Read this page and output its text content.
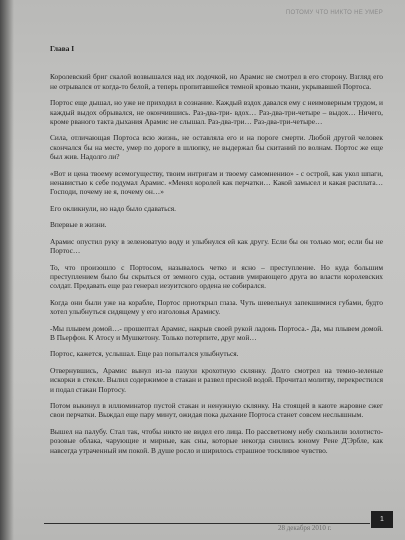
ПОТОМУ ЧТО НИКТО НЕ УМЕР
Глава I

Королевский бриг скалой возвышался над их лодочкой, но Арамис не смотрел в его сторону. Взгляд его не отрывался от когда-то белой, а теперь пропитавшейся темной кровью ткани, укрывавшей Портоса.

Портос еще дышал, но уже не приходил в сознание. Каждый вздох давался ему с неимоверным трудом, и каждый выдох обрывался, не окончившись. Раз-два-три- вдох… Раз-два-три-четыре – выдох… Ничего, кроме рваного такта дыхания Арамис не слышал. Раз-два-три… Раз-два-три-четыре…

Сила, отличающая Портоса всю жизнь, не оставляла его и на пороге смерти. Любой другой человек скончался бы на месте, умер по дороге в шлюпку, не выдержал бы скитаний по волнам. Портос же еще был жив. Надолго ли?

«Вот и цена твоему всемогуществу, твоим интригам и твоему самомнению» - с острой, как укол шпаги, ненавистью к себе подумал Арамис. «Менял королей как перчатки… Какой замысел и какая расплата… Господи, почему не я, почему он…»

Его окликнули, но надо было сдаваться.

Впервые в жизни.

Арамис опустил руку в зеленоватую воду и улыбнулся ей как другу. Если бы он только мог, если бы не Портос…

То, что произошло с Портосом, называлось четко и ясно – преступление. Но куда большим преступлением было бы скрыться от земного суда, оставив умирающего друга во власти королевских солдат. Предавать еще раз генерал иезуитского ордена не собирался.

Когда они были уже на корабле, Портос приоткрыл глаза. Чуть шевельнул запекшимися губами, будто хотел улыбнуться сидящему у его изголовья Арамису.

-Мы плывем домой…- прошептал Арамис, накрыв своей рукой ладонь Портоса.- Да, мы плывем домой. В Пьерфон. К Атосу и Мушкетону. Только потерпите, друг мой…

Портос, кажется, услышал. Еще раз попытался улыбнуться.

Отвернувшись, Арамис вынул из-за пазухи крохотную склянку. Долго смотрел на темно-зеленые искорки в стекле. Вылил содержимое в стакан и развел пресной водой. Прочитал молитву, перекрестился и подал стакан Портосу.

Потом выкинул в иллюминатор пустой стакан и ненужную склянку. На стоящей в каюте жаровне сжег свои перчатки. Выждал еще пару минут, ожидая пока дыхание Портоса станет совсем неслышным.

Вышел на палубу. Стал так, чтобы никто не видел его лица. По рассветному небу скользили золотисто-розовые облака, чарующие и мирные, как сны, которые некогда снились юному Рене Д'Эрбле, как навсегда утраченный им покой. В душе росло и ширилось страшное тоскливое чувство.

28 декабря 2010 г.
1
